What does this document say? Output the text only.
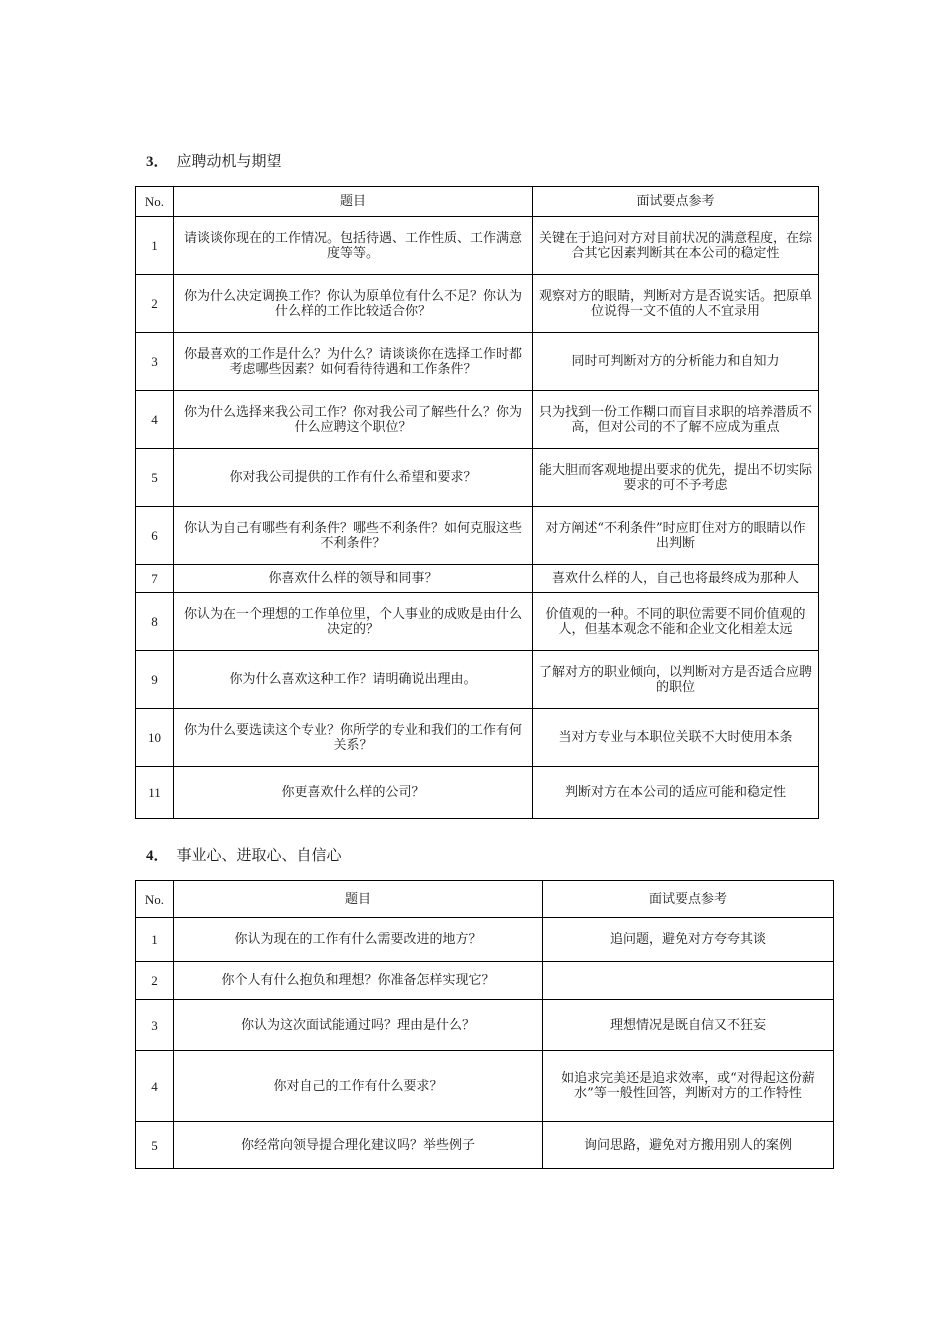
3． 应聘动机与期望
No.	题目	面试要点参考
1	请谈谈你现在的工作情况。包括待遇、工作性质、工作满意度等等。	关键在于追问对方对目前状况的满意程度，在综合其它因素判断其在本公司的稳定性
2	你为什么决定调换工作？你认为原单位有什么不足？你认为什么样的工作比较适合你？	观察对方的眼睛，判断对方是否说实话。把原单位说得一文不值的人不宜录用
3	你最喜欢的工作是什么？为什么？请谈谈你在选择工作时都考虑哪些因素？如何看待待遇和工作条件？	同时可判断对方的分析能力和自知力
4	你为什么选择来我公司工作？你对我公司了解些什么？你为什么应聘这个职位？	只为找到一份工作糊口而盲目求职的培养潜质不高，但对公司的不了解不应成为重点
5	你对我公司提供的工作有什么希望和要求？	能大胆而客观地提出要求的优先，提出不切实际要求的可不予考虑
6	你认为自己有哪些有利条件？哪些不利条件？如何克服这些不利条件？	对方阐述“不利条件”时应盯住对方的眼睛以作出判断
7	你喜欢什么样的领导和同事？	喜欢什么样的人，自己也将最终成为那种人
8	你认为在一个理想的工作单位里，个人事业的成败是由什么决定的？	价值观的一种。不同的职位需要不同价值观的人，但基本观念不能和企业文化相差太远
9	你为什么喜欢这种工作？请明确说出理由。	了解对方的职业倾向，以判断对方是否适合应聘的职位
10	你为什么要选读这个专业？你所学的专业和我们的工作有何关系？	当对方专业与本职位关联不大时使用本条
11	你更喜欢什么样的公司？	判断对方在本公司的适应可能和稳定性
4． 事业心、进取心、自信心
No.	题目	面试要点参考
1	你认为现在的工作有什么需要改进的地方？	追问题，避免对方夸夸其谈
2	你个人有什么抱负和理想？你准备怎样实现它？	
3	你认为这次面试能通过吗？理由是什么？	理想情况是既自信又不狂妄
4	你对自己的工作有什么要求？	如追求完美还是追求效率，或“对得起这份薪水”等一般性回答，判断对方的工作特性
5	你经常向领导提合理化建议吗？举些例子	询问思路，避免对方搬用别人的案例
